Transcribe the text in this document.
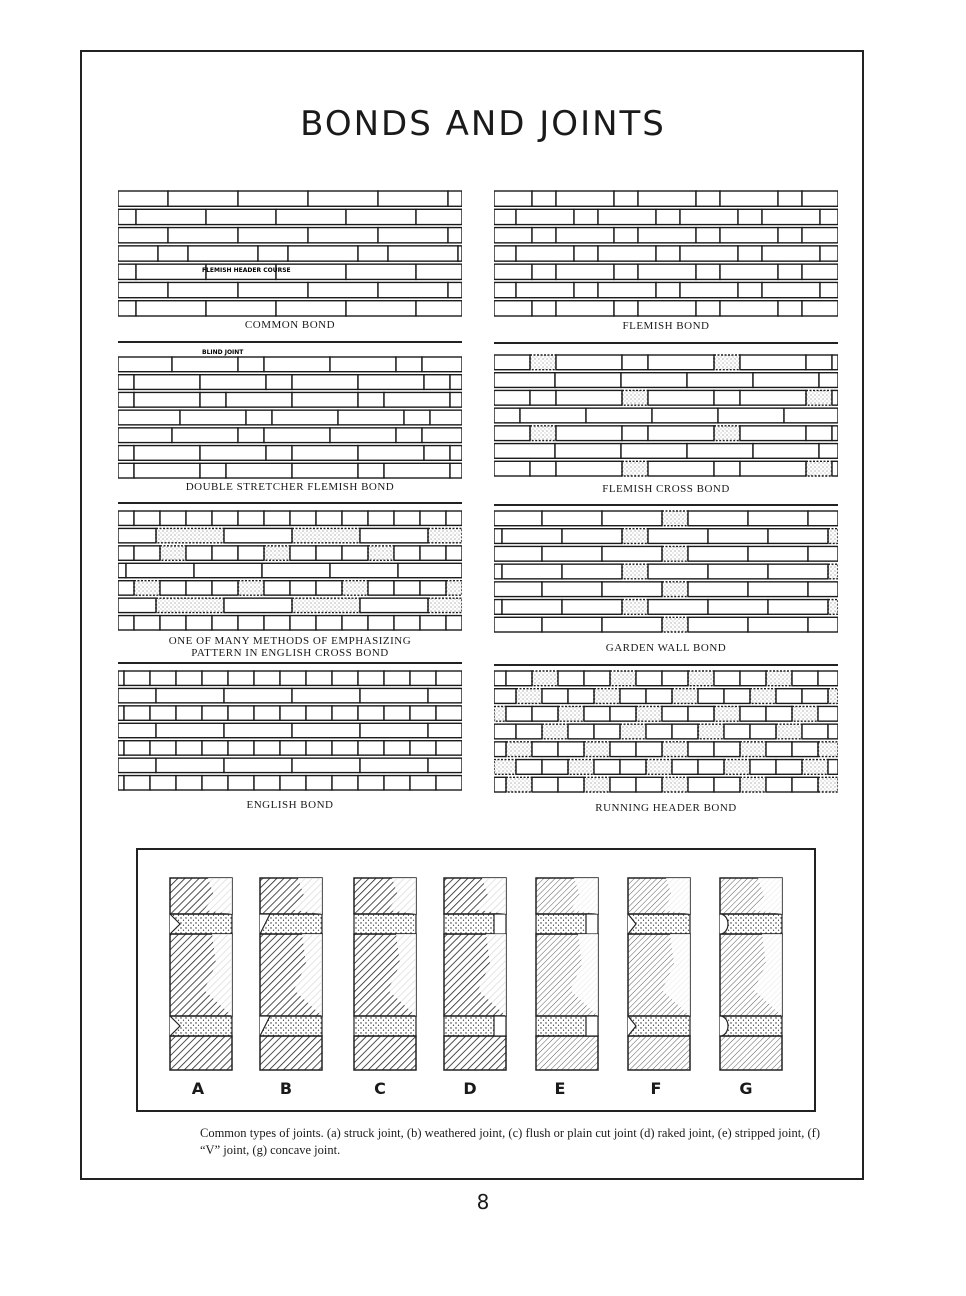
BONDS AND JOINTS
FLEMISH HEADER COURSE
COMMON BOND	FLEMISH BOND
BLIND JOINT
DOUBLE STRETCHER FLEMISH BOND	FLEMISH CROSS BOND
ONE OF MANY METHODS OF EMPHASIZING
PATTERN IN ENGLISH CROSS BOND	GARDEN WALL BOND
ENGLISH BOND	RUNNING HEADER BOND
A	B	C	D	E	F	G
Common types of joints. (a) struck joint, (b) weathered joint, (c) flush or plain cut joint (d) raked joint, (e) stripped joint, (f) “V” joint, (g) concave joint.
8
